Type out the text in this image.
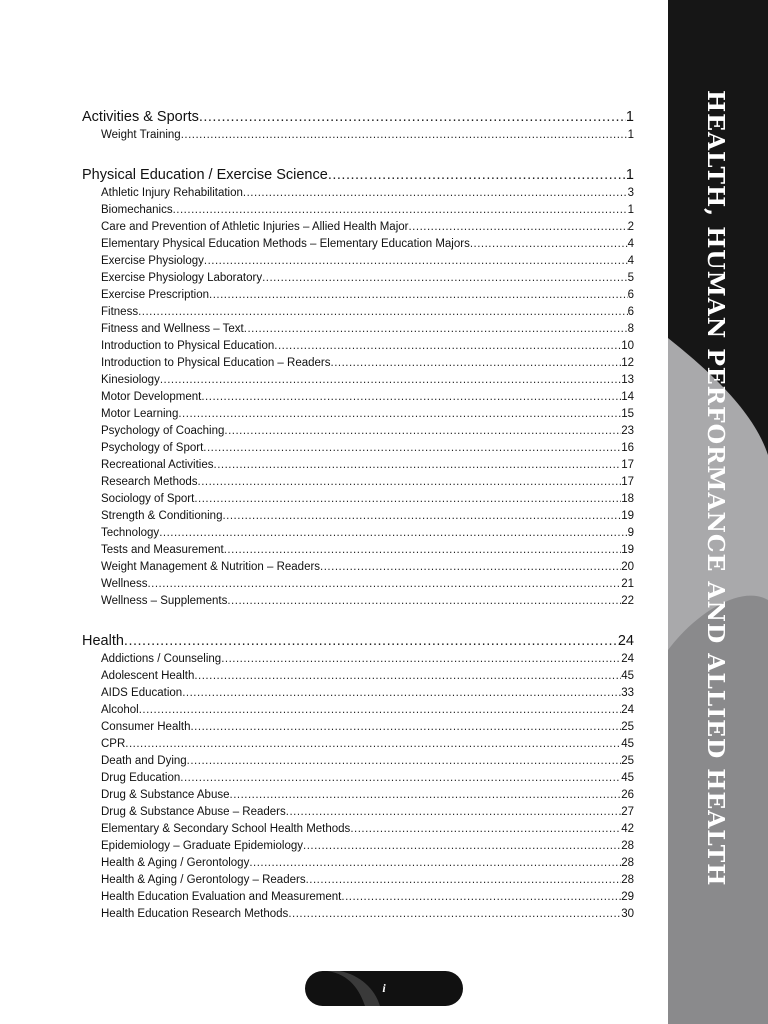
Activities & Sports .....	1
Weight Training .....	1
Physical Education / Exercise Science .....	1
Athletic Injury Rehabilitation .....	3
Biomechanics .....	1
Care and Prevention of Athletic Injuries – Allied Health Major .....	2
Elementary Physical Education Methods – Elementary Education Majors .....	4
Exercise Physiology .....	4
Exercise Physiology Laboratory .....	5
Exercise Prescription .....	6
Fitness .....	6
Fitness and Wellness – Text .....	8
Introduction to Physical Education .....	10
Introduction to Physical Education – Readers .....	12
Kinesiology .....	13
Motor Development .....	14
Motor Learning .....	15
Psychology of Coaching .....	23
Psychology of Sport .....	16
Recreational Activities .....	17
Research Methods .....	17
Sociology of Sport .....	18
Strength & Conditioning .....	19
Technology .....	9
Tests and Measurement .....	19
Weight Management & Nutrition – Readers .....	20
Wellness .....	21
Wellness – Supplements .....	22
Health .....	24
Addictions / Counseling .....	24
Adolescent Health .....	45
AIDS Education .....	33
Alcohol .....	24
Consumer Health .....	25
CPR .....	45
Death and Dying .....	25
Drug Education .....	45
Drug & Substance Abuse .....	26
Drug & Substance Abuse – Readers .....	27
Elementary & Secondary School Health Methods .....	42
Epidemiology – Graduate Epidemiology .....	28
Health & Aging / Gerontology .....	28
Health & Aging / Gerontology – Readers .....	28
Health Education Evaluation and Measurement .....	29
Health Education Research Methods .....	30
HEALTH, HUMAN PERFORMANCE AND ALLIED HEALTH
i
